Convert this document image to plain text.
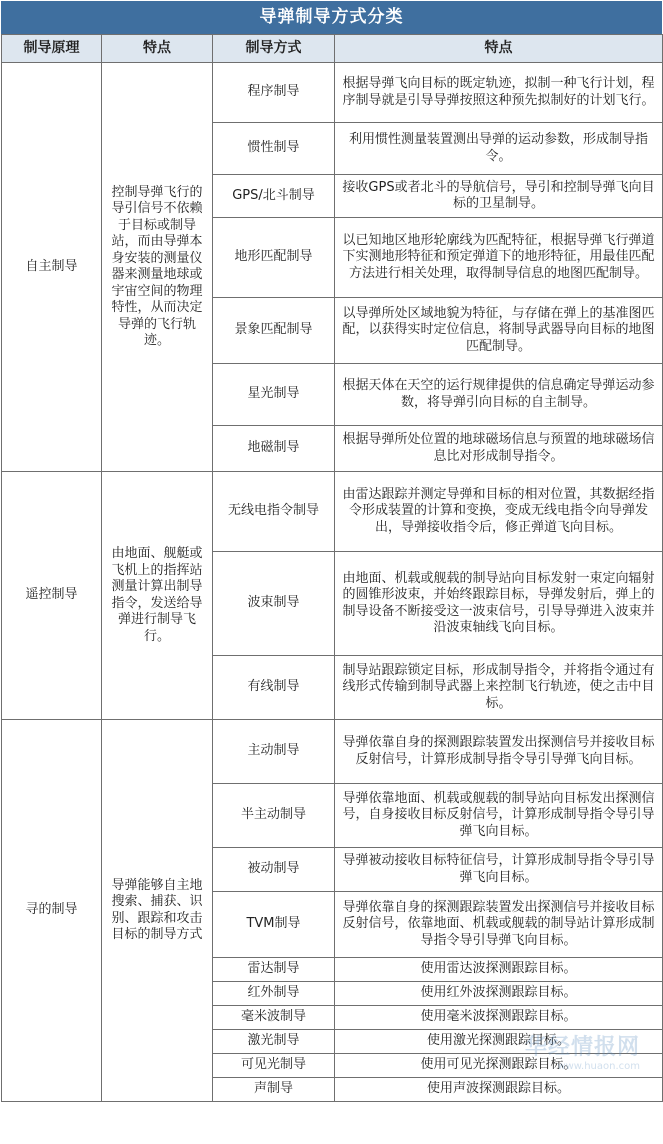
导弹制导方式分类
制导原理	特点	制导方式	特点
自主制导	控制导弹飞行的导引信号不依赖于目标或制导站，而由导弹本身安装的测量仪器来测量地球或宇宙空间的物理特性，从而决定导弹的飞行轨迹。	程序制导	根据导弹飞向目标的既定轨迹，拟制一种飞行计划，程序制导就是引导导弹按照这种预先拟制好的计划飞行。
		惯性制导	利用惯性测量装置测出导弹的运动参数，形成制导指令。
		GPS/北斗制导	接收GPS或者北斗的导航信号，导引和控制导弹飞向目标的卫星制导。
		地形匹配制导	以已知地区地形轮廓线为匹配特征，根据导弹飞行弹道下实测地形特征和预定弹道下的地形特征，用最佳匹配方法进行相关处理，取得制导信息的地图匹配制导。
		景象匹配制导	以导弹所处区域地貌为特征，与存储在弹上的基准图匹配，以获得实时定位信息，将制导武器导向目标的地图匹配制导。
		星光制导	根据天体在天空的运行规律提供的信息确定导弹运动参数，将导弹引向目标的自主制导。
		地磁制导	根据导弹所处位置的地球磁场信息与预置的地球磁场信息比对形成制导指令。
遥控制导	由地面、舰艇或飞机上的指挥站测量计算出制导指令，发送给导弹进行制导飞行。	无线电指令制导	由雷达跟踪并测定导弹和目标的相对位置，其数据经指令形成装置的计算和变换，变成无线电指令向导弹发出，导弹接收指令后，修正弹道飞向目标。
		波束制导	由地面、机载或舰载的制导站向目标发射一束定向辐射的圆锥形波束，并始终跟踪目标，导弹发射后，弹上的制导设备不断接受这一波束信号，引导导弹进入波束并沿波束轴线飞向目标。
		有线制导	制导站跟踪锁定目标，形成制导指令，并将指令通过有线形式传输到制导武器上来控制飞行轨迹，使之击中目标。
寻的制导	导弹能够自主地搜索、捕获、识别、跟踪和攻击目标的制导方式	主动制导	导弹依靠自身的探测跟踪装置发出探测信号并接收目标反射信号，计算形成制导指令导引导弹飞向目标。
		半主动制导	导弹依靠地面、机载或舰载的制导站向目标发出探测信号，自身接收目标反射信号，计算形成制导指令导引导弹飞向目标。
		被动制导	导弹被动接收目标特征信号，计算形成制导指令导引导弹飞向目标。
		TVM制导	导弹依靠自身的探测跟踪装置发出探测信号并接收目标反射信号，依靠地面、机载或舰载的制导站计算形成制导指令导引导弹飞向目标。
		雷达制导	使用雷达波探测跟踪目标。
		红外制导	使用红外波探测跟踪目标。
		毫米波制导	使用毫米波探测跟踪目标。
		激光制导	使用激光探测跟踪目标。
		可见光制导	使用可见光探测跟踪目标。
		声制导	使用声波探测跟踪目标。
华经情报网
www.huaon.com
